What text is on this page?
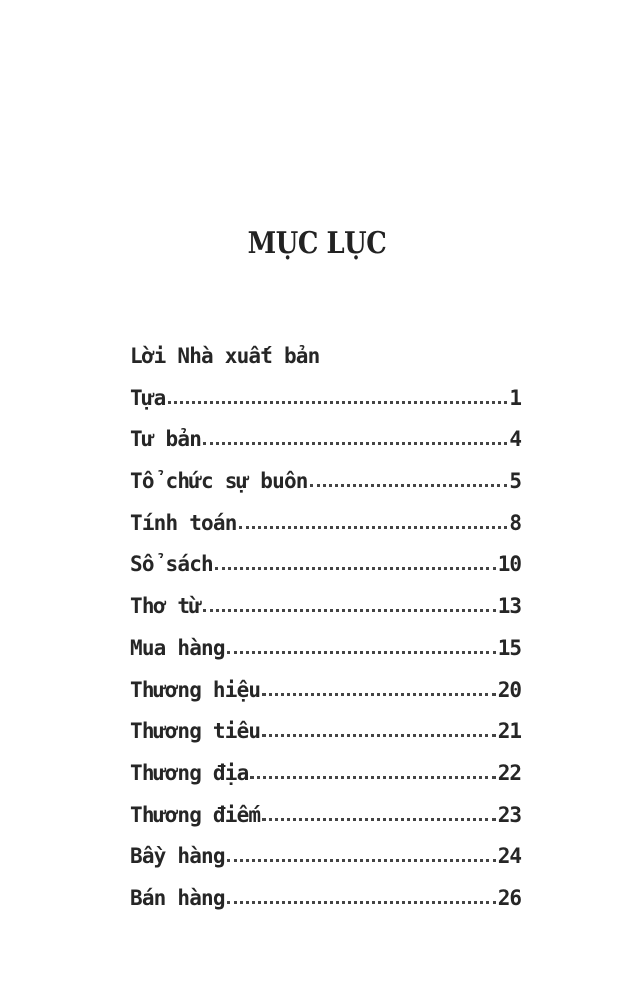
MỤC LỤC
Lời Nhà xuất bản
Tựa	1
Tư bản	4
Tổ chức sự buôn	5
Tính toán	8
Sổ sách	10
Thơ từ	13
Mua hàng	15
Thương hiệu	20
Thương tiêu	21
Thương địa	22
Thương điếm	23
Bầy hàng	24
Bán hàng	26
